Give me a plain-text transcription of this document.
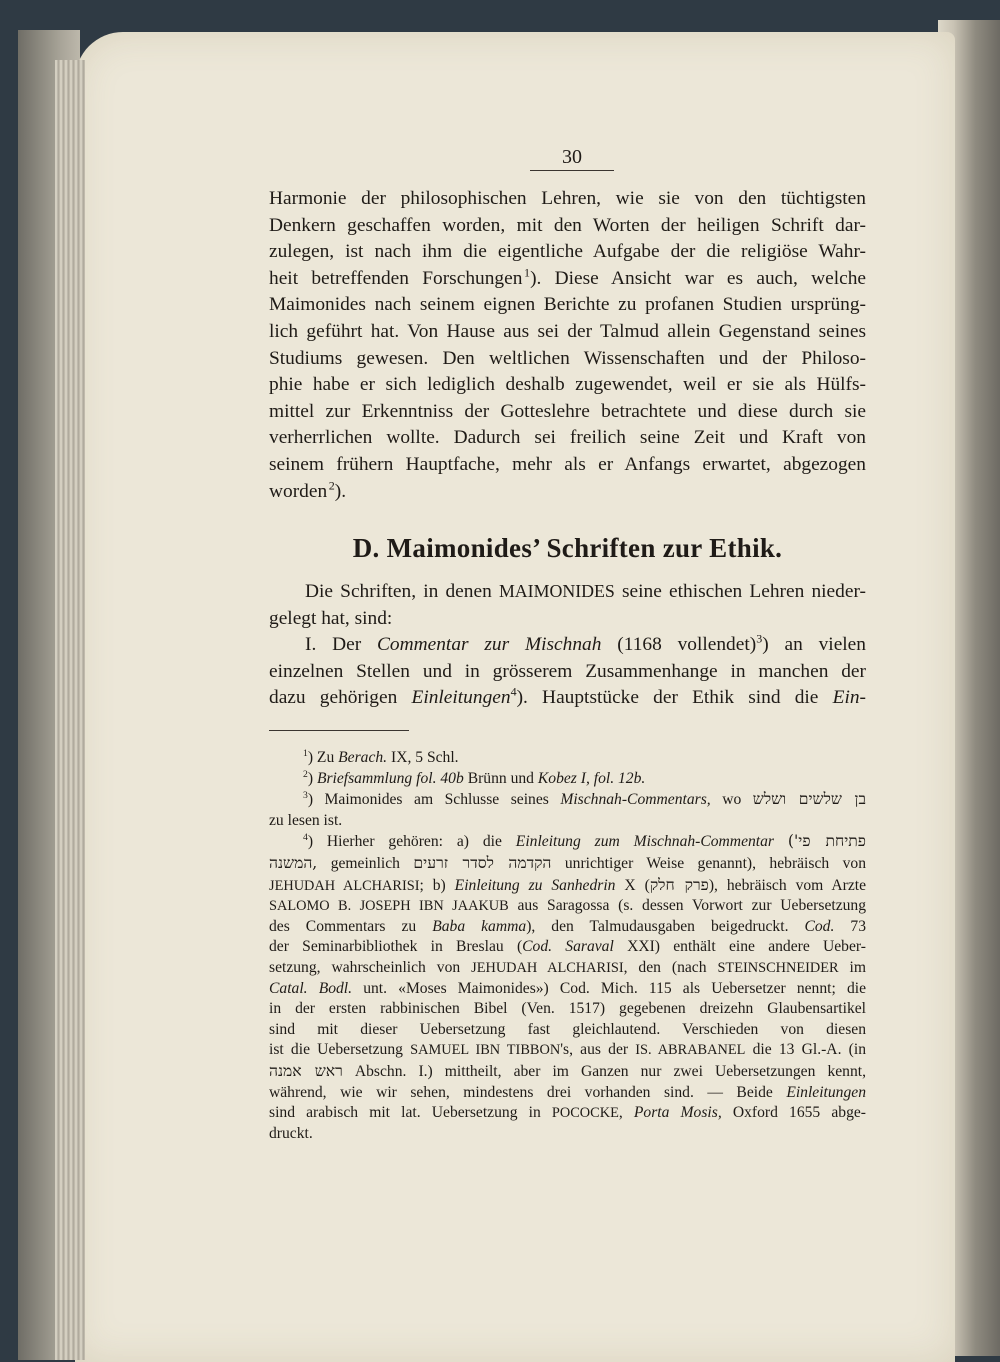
30
Harmonie der philosophischen Lehren, wie sie von den tüchtigsten
Denkern geschaffen worden, mit den Worten der heiligen Schrift dar-
zulegen, ist nach ihm die eigentliche Aufgabe der die religiöse Wahr-
heit betreffenden Forschungen  $^1$). Diese Ansicht war es auch, welche
Maimonides nach seinem eignen Berichte zu profanen Studien ursprüng-
lich geführt hat. Von Hause aus sei der Talmud allein Gegenstand seines
Studiums gewesen. Den weltlichen Wissenschaften und der Philoso-
phie habe er sich lediglich deshalb zugewendet, weil er sie als Hülfs-
mittel zur Erkenntniss der Gotteslehre betrachtete und diese durch sie
verherrlichen wollte. Dadurch sei freilich seine Zeit und Kraft von
seinem frühern Hauptfache, mehr als er Anfangs erwartet, abgezogen
worden  $^2$).
D. Maimonides’ Schriften zur Ethik.
Die Schriften, in denen MAIMONIDES seine ethischen Lehren nieder-
gelegt hat, sind:
I. Der Commentar zur Mischnah (1168 vollendet)$^3$) an vielen
einzelnen Stellen und in grösserem Zusammenhange in manchen der
dazu gehörigen Einleitungen$^4$). Hauptstücke der Ethik sind die Ein-
$^1$) Zu Berach. IX, 5 Schl.
$^2$) Briefsammlung fol. 40b Brünn und Kobez I, fol. 12b.
$^3$) Maimonides am Schlusse seines Mischnah-Commentars, wo בן שלשים ושלש
zu lesen ist.
$^4$) Hierher gehören: a) die Einleitung zum Mischnah-Commentar ('פתיחת פי
המשנה, gemeinlich הקדמה לסדר זרעים unrichtiger Weise genannt), hebräisch von
JEHUDAH ALCHARISI; b) Einleitung zu Sanhedrin X (פרק חלק), hebräisch vom Arzte
SALOMO B. JOSEPH IBN JAAKUB aus Saragossa (s. dessen Vorwort zur Uebersetzung
des Commentars zu Baba kamma), den Talmudausgaben beigedruckt. Cod. 73
der Seminarbibliothek in Breslau (Cod. Saraval XXI) enthält eine andere Ueber-
setzung, wahrscheinlich von JEHUDAH ALCHARISI, den (nach STEINSCHNEIDER im
Catal. Bodl. unt. «Moses Maimonides») Cod. Mich. 115 als Uebersetzer nennt; die
in der ersten rabbinischen Bibel (Ven. 1517) gegebenen dreizehn Glaubensartikel
sind mit dieser Uebersetzung fast gleichlautend. Verschieden von diesen
ist die Uebersetzung SAMUEL IBN TIBBON's, aus der IS. ABRABANEL die 13 Gl.-A. (in
ראש אמנה Abschn. I.) mittheilt, aber im Ganzen nur zwei Uebersetzungen kennt,
während, wie wir sehen, mindestens drei vorhanden sind. — Beide Einleitungen
sind arabisch mit lat. Uebersetzung in POCOCKE, Porta Mosis, Oxford 1655 abge-
druckt.
